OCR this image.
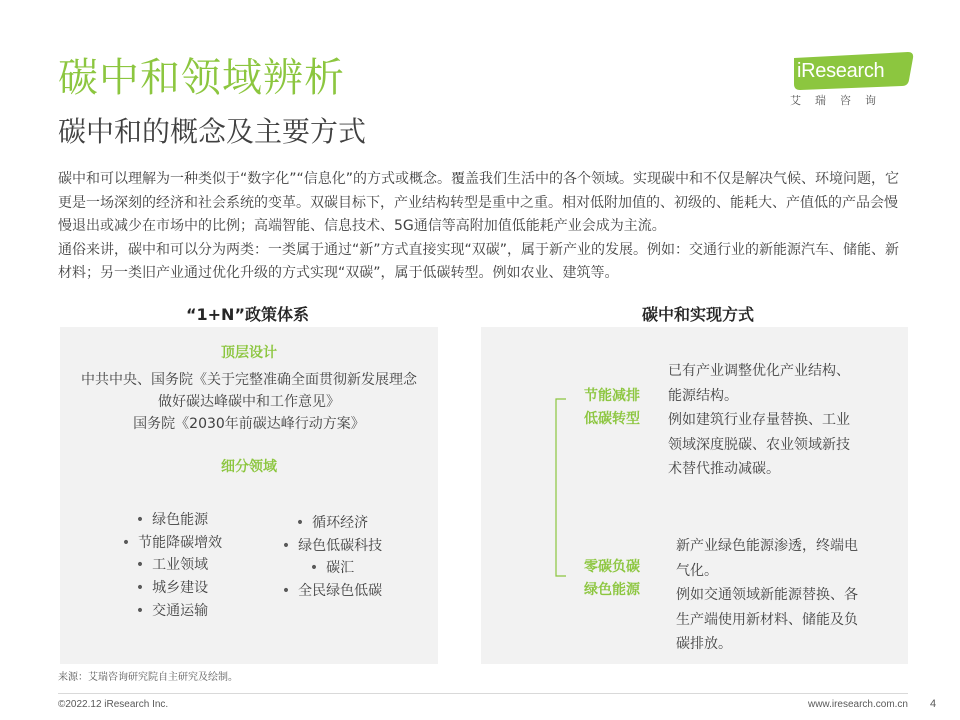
碳中和领域辨析
碳中和的概念及主要方式
iResearch
艾瑞咨询

碳中和可以理解为一种类似于“数字化”“信息化”的方式或概念。覆盖我们生活中的各个领域。实现碳中和不仅是解决气候、环境问题，它更是一场深刻的经济和社会系统的变革。双碳目标下，产业结构转型是重中之重。相对低附加值的、初级的、能耗大、产值低的产品会慢慢退出或减少在市场中的比例；高端智能、信息技术、5G通信等高附加值低能耗产业会成为主流。

通俗来讲，碳中和可以分为两类：一类属于通过“新”方式直接实现“双碳”，属于新产业的发展。例如：交通行业的新能源汽车、储能、新材料；另一类旧产业通过优化升级的方式实现“双碳”，属于低碳转型。例如农业、建筑等。

“1+N”政策体系	碳中和实现方式
顶层设计
中共中央、国务院《关于完整准确全面贯彻新发展理念
做好碳达峰碳中和工作意见》
国务院《2030年前碳达峰行动方案》
细分领域
• 绿色能源
• 节能降碳增效
• 工业领域
• 城乡建设
• 交通运输
• 循环经济
• 绿色低碳科技
• 碳汇
• 全民绿色低碳
节能减排
低碳转型
已有产业调整优化产业结构、
能源结构。
例如建筑行业存量替换、工业
领域深度脱碳、农业领域新技
术替代推动减碳。
零碳负碳
绿色能源
新产业绿色能源渗透，终端电
气化。
例如交通领域新能源替换、各
生产端使用新材料、储能及负
碳排放。
来源：艾瑞咨询研究院自主研究及绘制。
©2022.12 iResearch Inc.	www.iresearch.com.cn 4
